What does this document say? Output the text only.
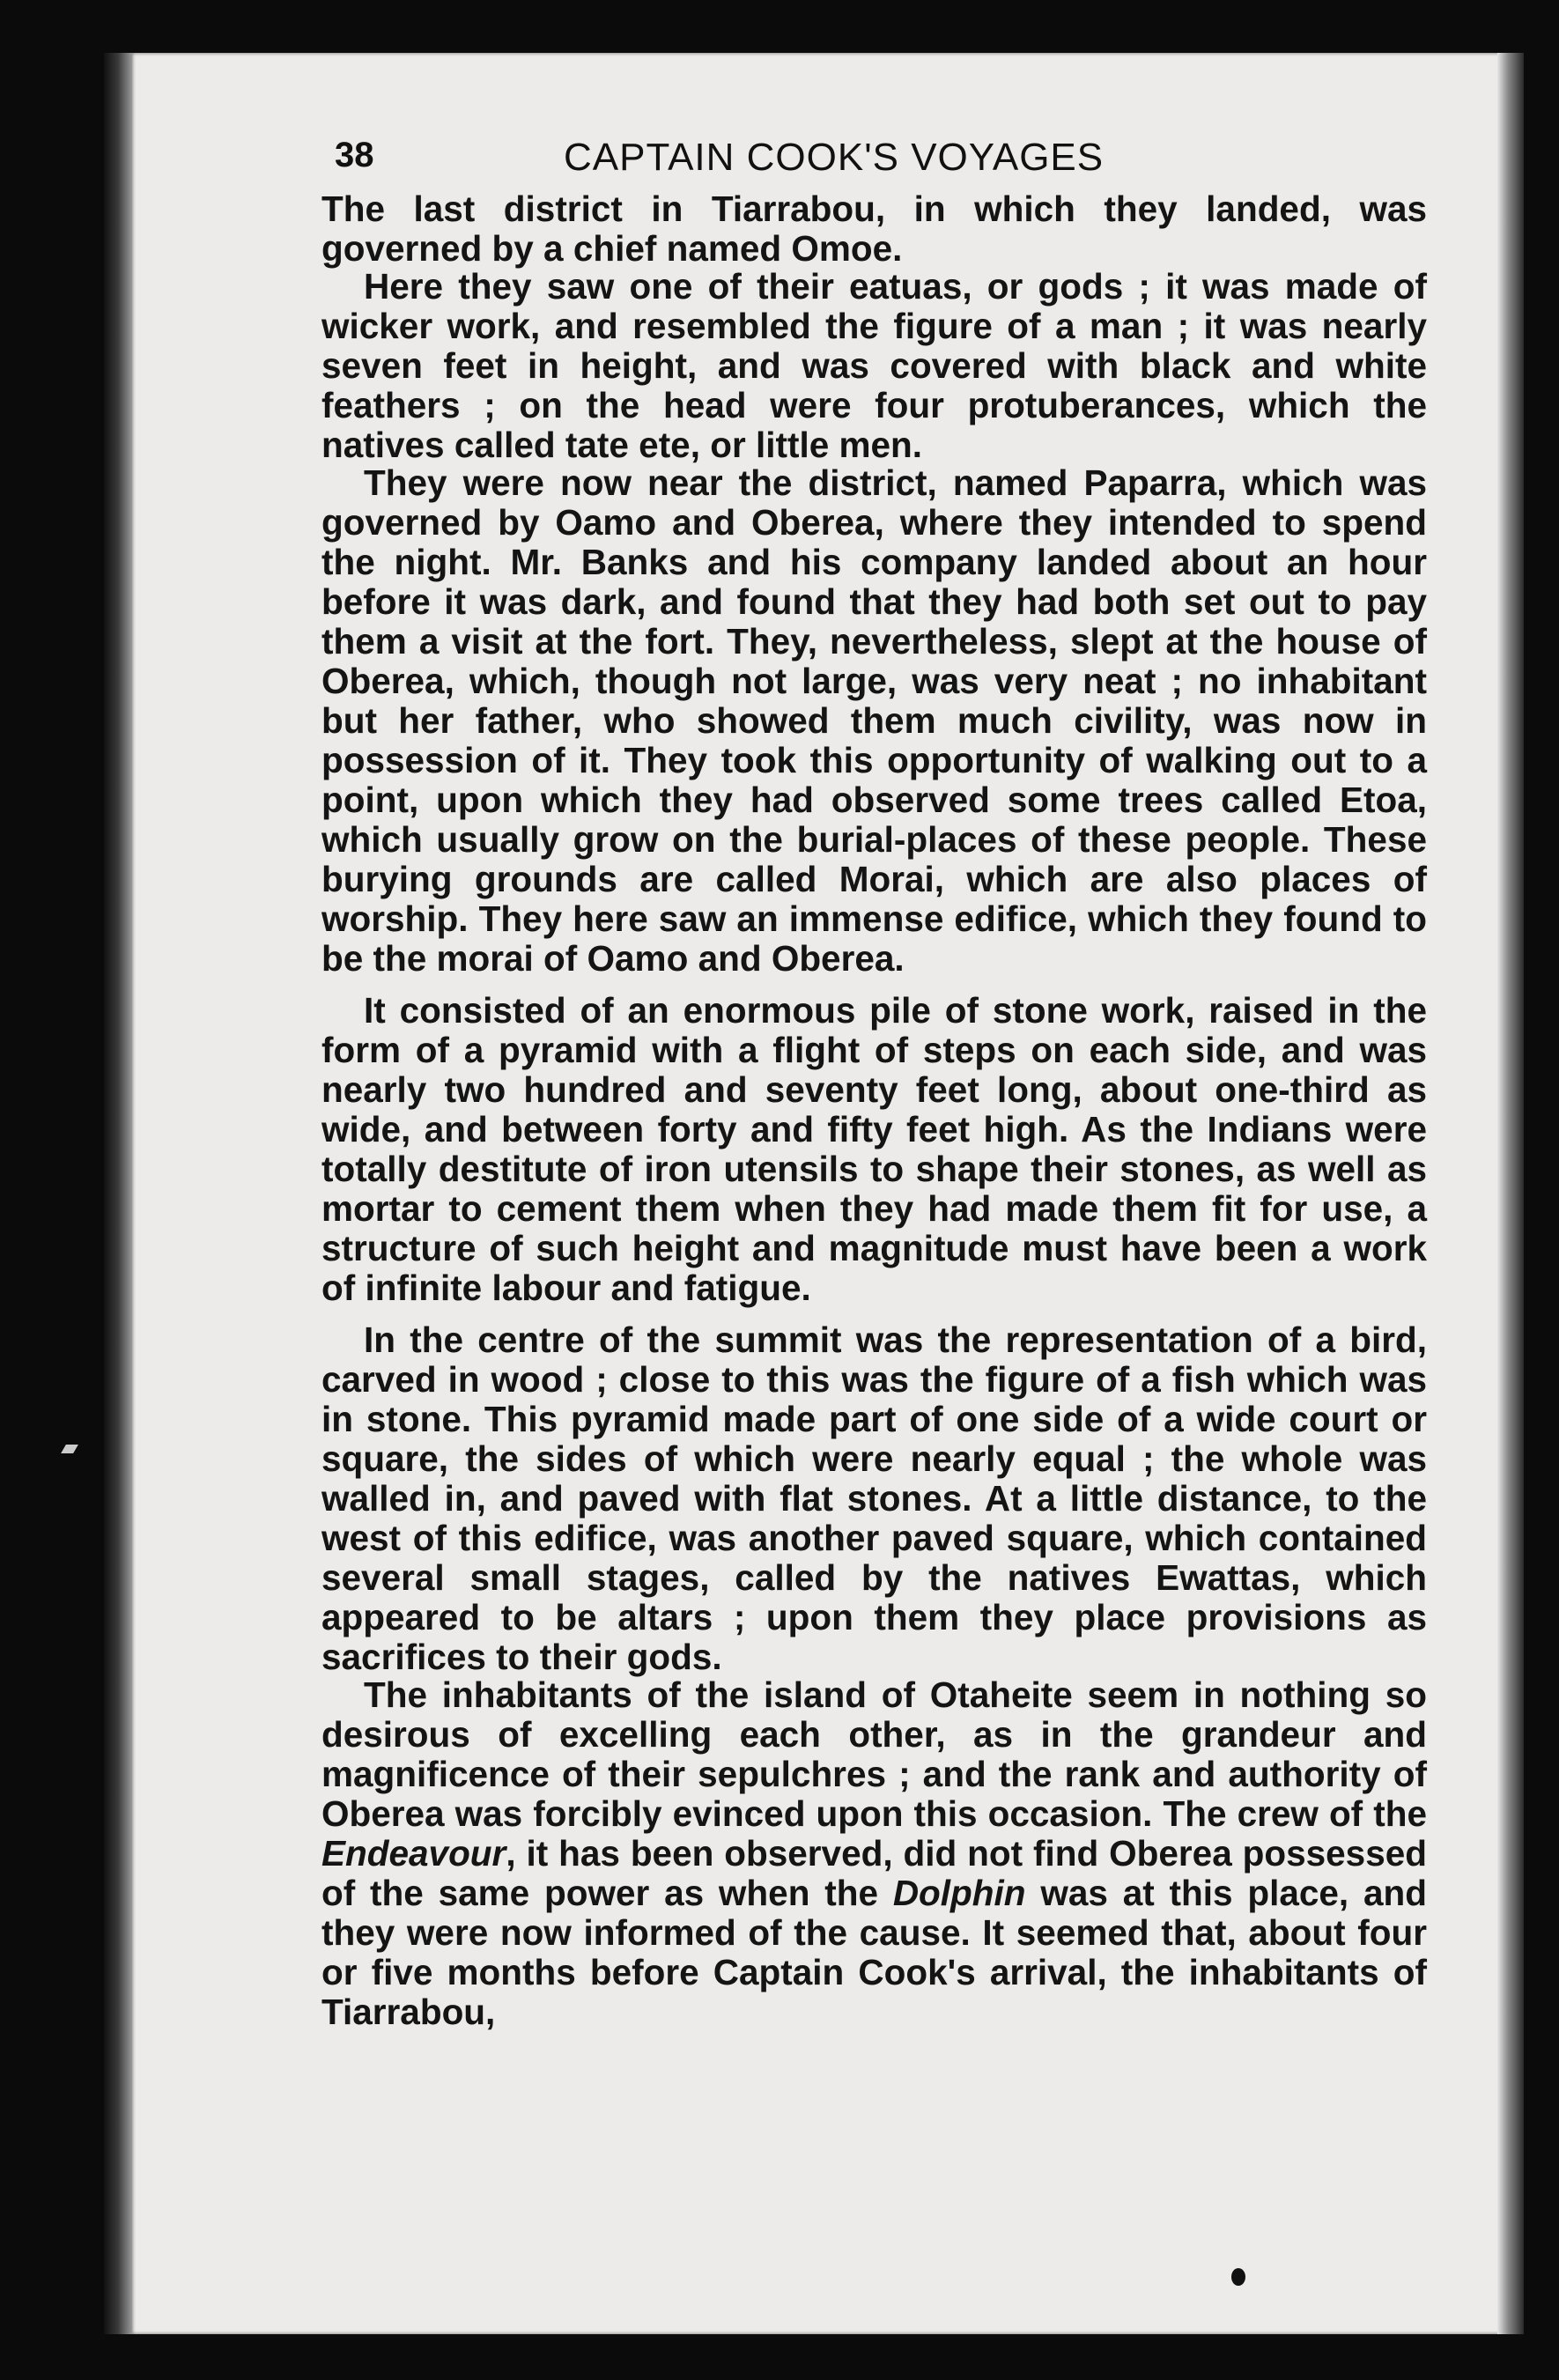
38	CAPTAIN COOK'S VOYAGES

The last district in Tiarrabou, in which they landed, was governed by a chief named Omoe.

Here they saw one of their eatuas, or gods ; it was made of wicker work, and resembled the figure of a man ; it was nearly seven feet in height, and was covered with black and white feathers ; on the head were four protuberances, which the natives called tate ete, or little men.

They were now near the district, named Paparra, which was governed by Oamo and Oberea, where they intended to spend the night. Mr. Banks and his company landed about an hour before it was dark, and found that they had both set out to pay them a visit at the fort. They, nevertheless, slept at the house of Oberea, which, though not large, was very neat ; no inhabitant but her father, who showed them much civility, was now in possession of it. They took this opportunity of walking out to a point, upon which they had observed some trees called Etoa, which usually grow on the burial-places of these people. These burying grounds are called Morai, which are also places of worship. They here saw an immense edifice, which they found to be the morai of Oamo and Oberea.

It consisted of an enormous pile of stone work, raised in the form of a pyramid with a flight of steps on each side, and was nearly two hundred and seventy feet long, about one-third as wide, and between forty and fifty feet high. As the Indians were totally destitute of iron utensils to shape their stones, as well as mortar to cement them when they had made them fit for use, a structure of such height and magnitude must have been a work of infinite labour and fatigue.

In the centre of the summit was the representation of a bird, carved in wood ; close to this was the figure of a fish which was in stone. This pyramid made part of one side of a wide court or square, the sides of which were nearly equal ; the whole was walled in, and paved with flat stones. At a little distance, to the west of this edifice, was another paved square, which contained several small stages, called by the natives Ewattas, which appeared to be altars ; upon them they place provisions as sacrifices to their gods.

The inhabitants of the island of Otaheite seem in nothing so desirous of excelling each other, as in the grandeur and magnificence of their sepulchres ; and the rank and authority of Oberea was forcibly evinced upon this occasion. The crew of the Endeavour, it has been observed, did not find Oberea possessed of the same power as when the Dolphin was at this place, and they were now informed of the cause. It seemed that, about four or five months before Captain Cook's arrival, the inhabitants of Tiarrabou,
